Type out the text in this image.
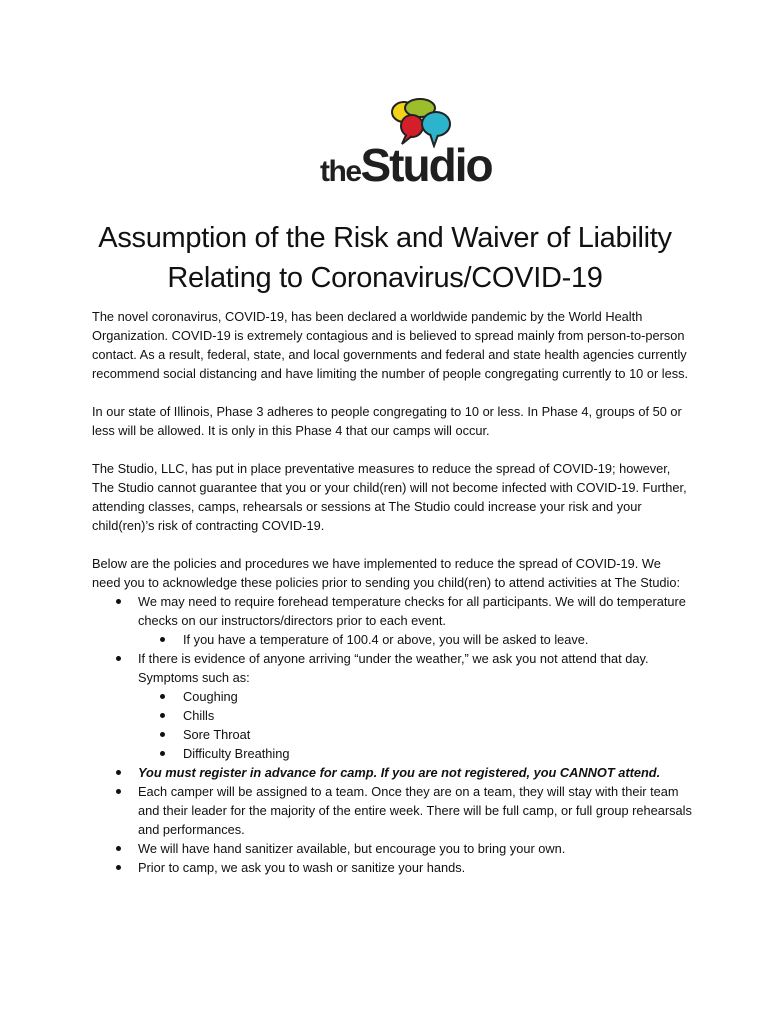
theStudio
Assumption of the Risk and Waiver of Liability
Relating to Coronavirus/COVID-19

The novel coronavirus, COVID-19, has been declared a worldwide pandemic by the World Health Organization. COVID-19 is extremely contagious and is believed to spread mainly from person-to-person contact. As a result, federal, state, and local governments and federal and state health agencies currently recommend social distancing and have limiting the number of people congregating currently to 10 or less.

In our state of Illinois, Phase 3 adheres to people congregating to 10 or less. In Phase 4, groups of 50 or less will be allowed. It is only in this Phase 4 that our camps will occur.

The Studio, LLC, has put in place preventative measures to reduce the spread of COVID-19; however, The Studio cannot guarantee that you or your child(ren) will not become infected with COVID-19. Further, attending classes, camps, rehearsals or sessions at The Studio could increase your risk and your child(ren)’s risk of contracting COVID-19.

Below are the policies and procedures we have implemented to reduce the spread of COVID-19. We need you to acknowledge these policies prior to sending you child(ren) to attend activities at The Studio:

We may need to require forehead temperature checks for all participants. We will do temperature checks on our instructors/directors prior to each event.
If you have a temperature of 100.4 or above, you will be asked to leave.
If there is evidence of anyone arriving “under the weather,” we ask you not attend that day. Symptoms such as:
Coughing
Chills
Sore Throat
Difficulty Breathing
You must register in advance for camp. If you are not registered, you CANNOT attend.
Each camper will be assigned to a team. Once they are on a team, they will stay with their team and their leader for the majority of the entire week. There will be full camp, or full group rehearsals and performances.
We will have hand sanitizer available, but encourage you to bring your own.
Prior to camp, we ask you to wash or sanitize your hands.
